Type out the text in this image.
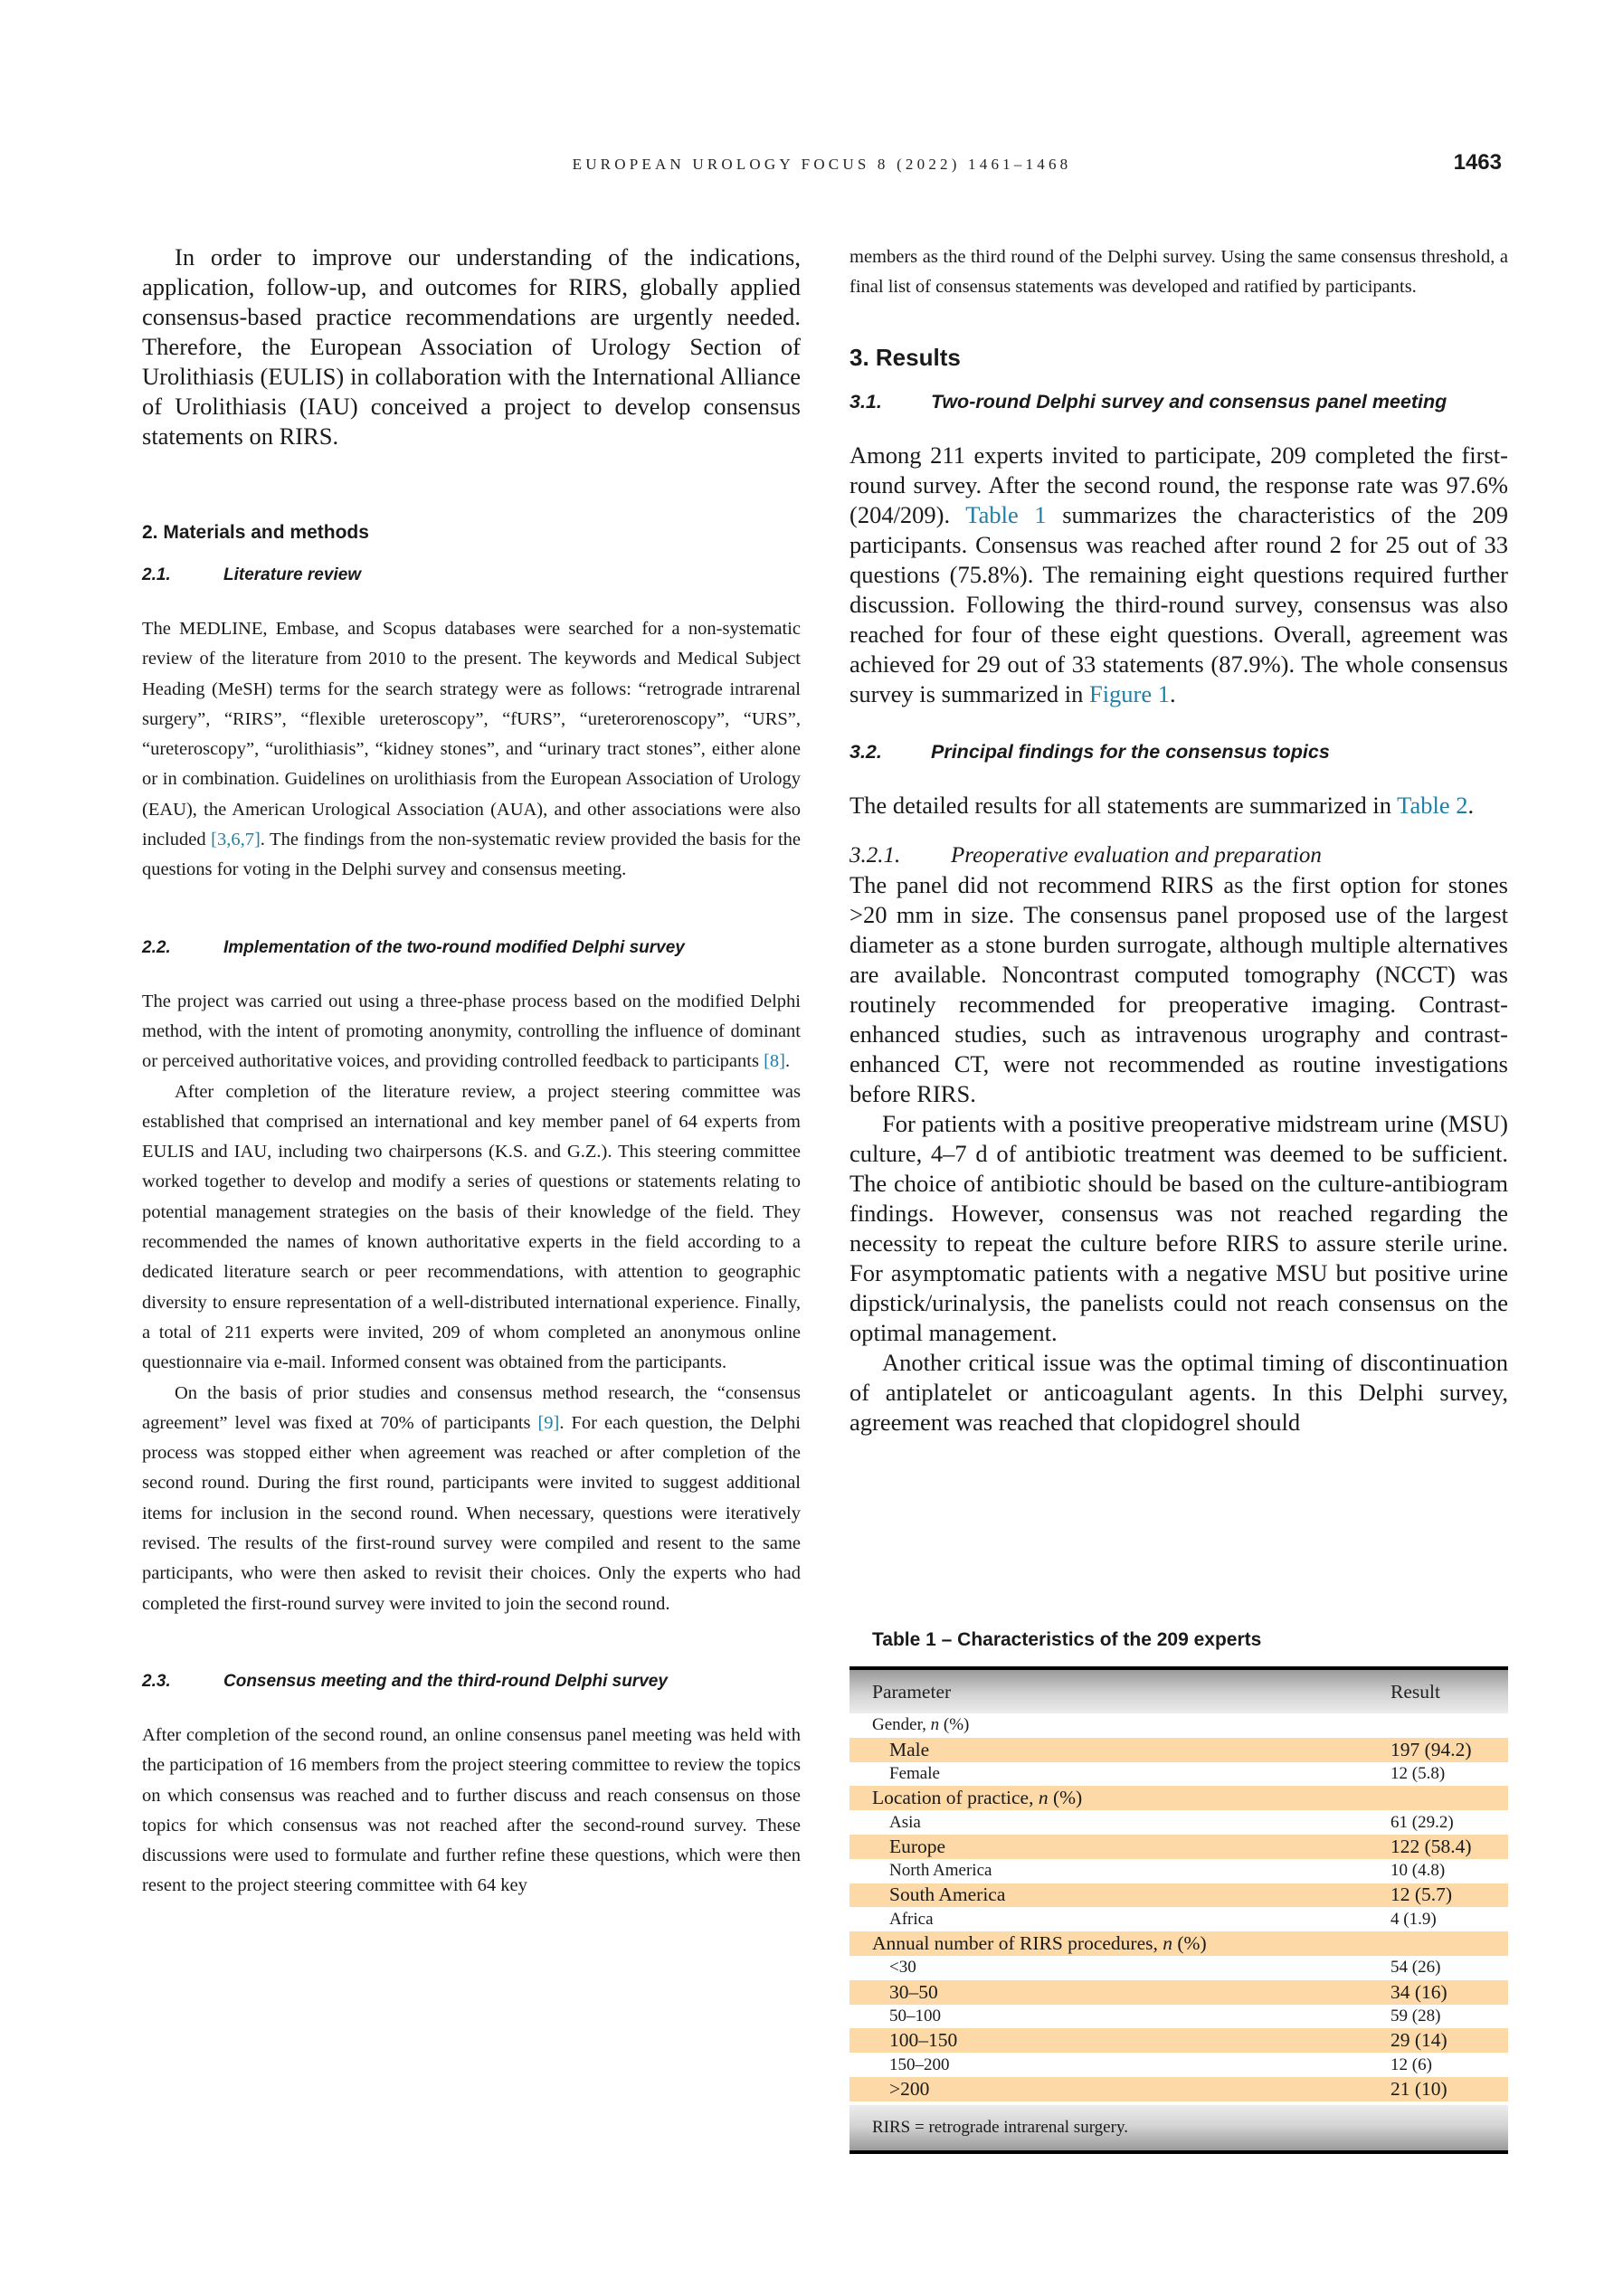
EUROPEAN UROLOGY FOCUS 8 (2022) 1461–1468	1463

In order to improve our understanding of the indications, application, follow-up, and outcomes for RIRS, globally applied consensus-based practice recommendations are urgently needed. Therefore, the European Association of Urology Section of Urolithiasis (EULIS) in collaboration with the International Alliance of Urolithiasis (IAU) conceived a project to develop consensus statements on RIRS.

2. Materials and methods
2.1.	Literature review

The MEDLINE, Embase, and Scopus databases were searched for a non-systematic review of the literature from 2010 to the present. The keywords and Medical Subject Heading (MeSH) terms for the search strategy were as follows: “retrograde intrarenal surgery”, “RIRS”, “flexible ureteroscopy”, “fURS”, “ureterorenoscopy”, “URS”, “ureteroscopy”, “urolithiasis”, “kidney stones”, and “urinary tract stones”, either alone or in combination. Guidelines on urolithiasis from the European Association of Urology (EAU), the American Urological Association (AUA), and other associations were also included [3,6,7]. The findings from the non-systematic review provided the basis for the questions for voting in the Delphi survey and consensus meeting.

2.2.	Implementation of the two-round modified Delphi survey

The project was carried out using a three-phase process based on the modified Delphi method, with the intent of promoting anonymity, controlling the influence of dominant or perceived authoritative voices, and providing controlled feedback to participants [8].

After completion of the literature review, a project steering committee was established that comprised an international and key member panel of 64 experts from EULIS and IAU, including two chairpersons (K.S. and G.Z.). This steering committee worked together to develop and modify a series of questions or statements relating to potential management strategies on the basis of their knowledge of the field. They recommended the names of known authoritative experts in the field according to a dedicated literature search or peer recommendations, with attention to geographic diversity to ensure representation of a well-distributed international experience. Finally, a total of 211 experts were invited, 209 of whom completed an anonymous online questionnaire via e-mail. Informed consent was obtained from the participants.

On the basis of prior studies and consensus method research, the “consensus agreement” level was fixed at 70% of participants [9]. For each question, the Delphi process was stopped either when agreement was reached or after completion of the second round. During the first round, participants were invited to suggest additional items for inclusion in the second round. When necessary, questions were iteratively revised. The results of the first-round survey were compiled and resent to the same participants, who were then asked to revisit their choices. Only the experts who had completed the first-round survey were invited to join the second round.

2.3.	Consensus meeting and the third-round Delphi survey

After completion of the second round, an online consensus panel meeting was held with the participation of 16 members from the project steering committee to review the topics on which consensus was reached and to further discuss and reach consensus on those topics for which consensus was not reached after the second-round survey. These discussions were used to formulate and further refine these questions, which were then resent to the project steering committee with 64 key

members as the third round of the Delphi survey. Using the same consensus threshold, a final list of consensus statements was developed and ratified by participants.

3. Results
3.1.	Two-round Delphi survey and consensus panel meeting

Among 211 experts invited to participate, 209 completed the first-round survey. After the second round, the response rate was 97.6% (204/209). Table 1 summarizes the characteristics of the 209 participants. Consensus was reached after round 2 for 25 out of 33 questions (75.8%). The remaining eight questions required further discussion. Following the third-round survey, consensus was also reached for four of these eight questions. Overall, agreement was achieved for 29 out of 33 statements (87.9%). The whole consensus survey is summarized in Figure 1.

3.2.	Principal findings for the consensus topics

The detailed results for all statements are summarized in Table 2.

3.2.1. Preoperative evaluation and preparation

The panel did not recommend RIRS as the first option for stones >20 mm in size. The consensus panel proposed use of the largest diameter as a stone burden surrogate, although multiple alternatives are available. Noncontrast computed tomography (NCCT) was routinely recommended for preoperative imaging. Contrast-enhanced studies, such as intravenous urography and contrast-enhanced CT, were not recommended as routine investigations before RIRS.

For patients with a positive preoperative midstream urine (MSU) culture, 4–7 d of antibiotic treatment was deemed to be sufficient. The choice of antibiotic should be based on the culture-antibiogram findings. However, consensus was not reached regarding the necessity to repeat the culture before RIRS to assure sterile urine. For asymptomatic patients with a negative MSU but positive urine dipstick/urinalysis, the panelists could not reach consensus on the optimal management.

Another critical issue was the optimal timing of discontinuation of antiplatelet or anticoagulant agents. In this Delphi survey, agreement was reached that clopidogrel should

Table 1 – Characteristics of the 209 experts
Parameter	Result
Gender, n (%)
Male	197 (94.2)
Female	12 (5.8)
Location of practice, n (%)
Asia	61 (29.2)
Europe	122 (58.4)
North America	10 (4.8)
South America	12 (5.7)
Africa	4 (1.9)
Annual number of RIRS procedures, n (%)
<30	54 (26)
30–50	34 (16)
50–100	59 (28)
100–150	29 (14)
150–200	12 (6)
>200	21 (10)
RIRS = retrograde intrarenal surgery.
